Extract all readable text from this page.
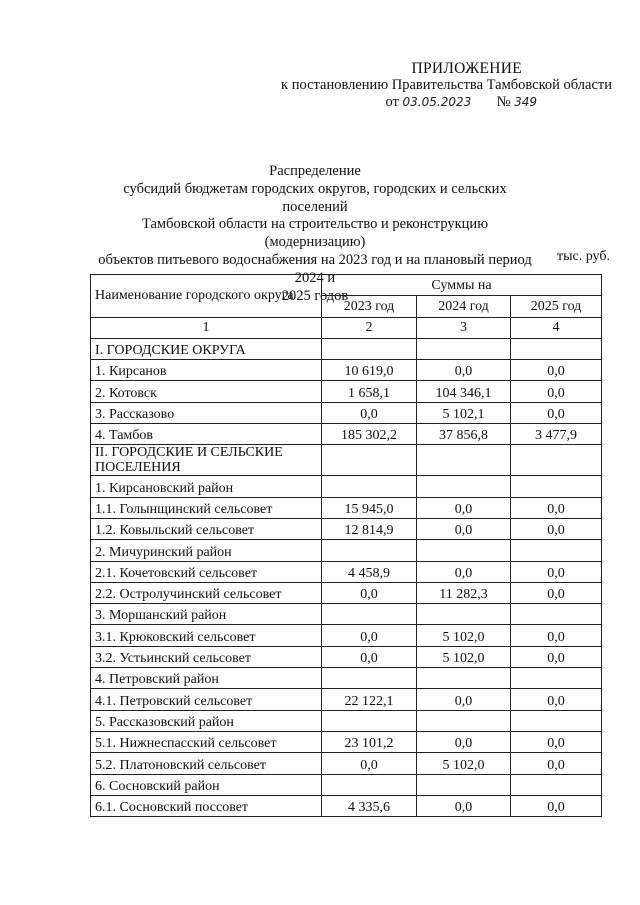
ПРИЛОЖЕНИЕ
к постановлению Правительства Тамбовской области
от 03.05.2023 № 349
Распределение
субсидий бюджетам городских округов, городских и сельских поселений
Тамбовской области на строительство и реконструкцию (модернизацию)
объектов питьевого водоснабжения на 2023 год и на плановый период 2024 и
2025 годов
тыс. руб.
Наименование городского округа	Суммы на		
	2023 год	2024 год	2025 год
1	2	3	4
I. ГОРОДСКИЕ ОКРУГА			
1. Кирсанов	10 619,0	0,0	0,0
2. Котовск	1 658,1	104 346,1	0,0
3. Рассказово	0,0	5 102,1	0,0
4. Тамбов	185 302,2	37 856,8	3 477,9
II. ГОРОДСКИЕ И СЕЛЬСКИЕ ПОСЕЛЕНИЯ			
1. Кирсановский район			
1.1. Голынщинский сельсовет	15 945,0	0,0	0,0
1.2. Ковыльский сельсовет	12 814,9	0,0	0,0
2. Мичуринский район			
2.1. Кочетовский сельсовет	4 458,9	0,0	0,0
2.2. Остролучинский сельсовет	0,0	11 282,3	0,0
3. Моршанский район			
3.1. Крюковский сельсовет	0,0	5 102,0	0,0
3.2. Устьинский сельсовет	0,0	5 102,0	0,0
4. Петровский район			
4.1. Петровский сельсовет	22 122,1	0,0	0,0
5. Рассказовский район			
5.1. Нижнеспасский сельсовет	23 101,2	0,0	0,0
5.2. Платоновский сельсовет	0,0	5 102,0	0,0
6. Сосновский район			
6.1. Сосновский поссовет	4 335,6	0,0	0,0
